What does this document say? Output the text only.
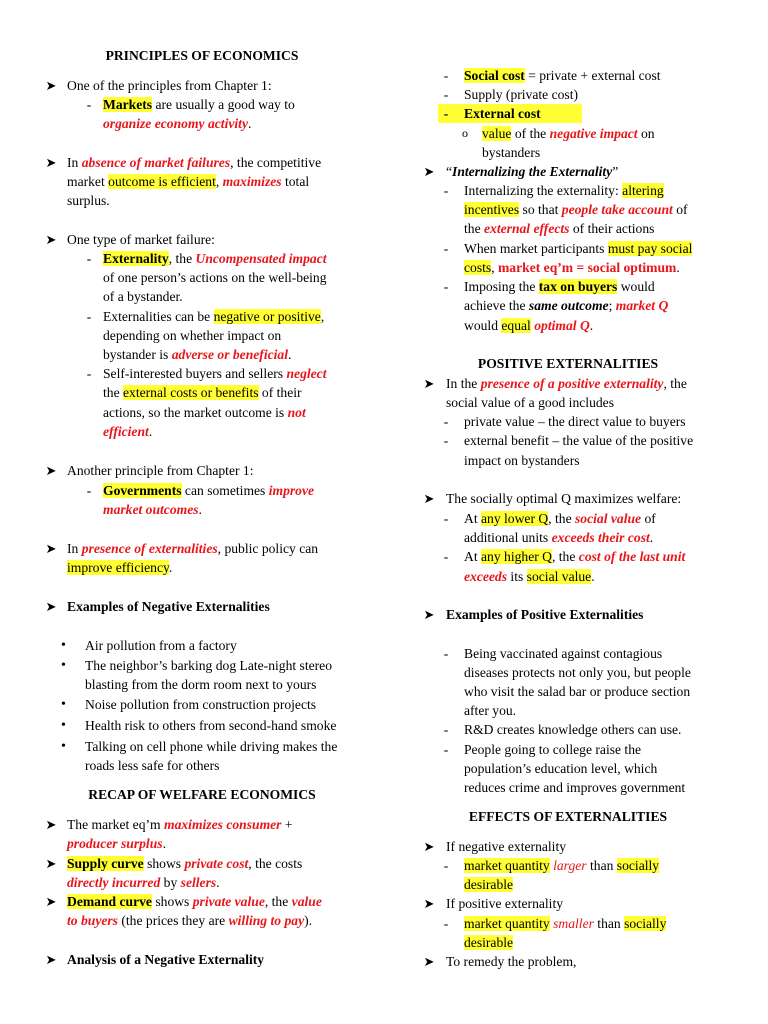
PRINCIPLES OF ECONOMICS
➤ One of the principles from Chapter 1:
- Markets are usually a good way to
organize economy activity.
➤ In absence of market failures, the competitive
market outcome is efficient, maximizes total
surplus.
➤ One type of market failure:
- Externality, the Uncompensated impact
of one person’s actions on the well-being
of a bystander.
- Externalities can be negative or positive,
depending on whether impact on
bystander is adverse or beneficial.
- Self-interested buyers and sellers neglect
the external costs or benefits of their
actions, so the market outcome is not
efficient.
➤ Another principle from Chapter 1:
- Governments can sometimes improve
market outcomes.
➤ In presence of externalities, public policy can
improve efficiency.
➤ Examples of Negative Externalities
• Air pollution from a factory
• The neighbor’s barking dog Late-night stereo
blasting from the dorm room next to yours
• Noise pollution from construction projects
• Health risk to others from second-hand smoke
• Talking on cell phone while driving makes the
roads less safe for others
RECAP OF WELFARE ECONOMICS
➤ The market eq’m maximizes consumer +
producer surplus.
➤ Supply curve shows private cost, the costs
directly incurred by sellers.
➤ Demand curve shows private value, the value
to buyers (the prices they are willing to pay).
➤ Analysis of a Negative Externality
- Social cost = private + external cost
- Supply (private cost)
- External cost
o value of the negative impact on
bystanders
➤ “Internalizing the Externality”
- Internalizing the externality: altering
incentives so that people take account of
the external effects of their actions
- When market participants must pay social
costs, market eq’m = social optimum.
- Imposing the tax on buyers would
achieve the same outcome; market Q
would equal optimal Q.
POSITIVE EXTERNALITIES
➤ In the presence of a positive externality, the
social value of a good includes
- private value – the direct value to buyers
- external benefit – the value of the positive
impact on bystanders
➤ The socially optimal Q maximizes welfare:
- At any lower Q, the social value of
additional units exceeds their cost.
- At any higher Q, the cost of the last unit
exceeds its social value.
➤ Examples of Positive Externalities
- Being vaccinated against contagious
diseases protects not only you, but people
who visit the salad bar or produce section
after you.
- R&D creates knowledge others can use.
- People going to college raise the
population’s education level, which
reduces crime and improves government
EFFECTS OF EXTERNALITIES
➤ If negative externality
- market quantity larger than socially
desirable
➤ If positive externality
- market quantity smaller than socially
desirable
➤ To remedy the problem,
